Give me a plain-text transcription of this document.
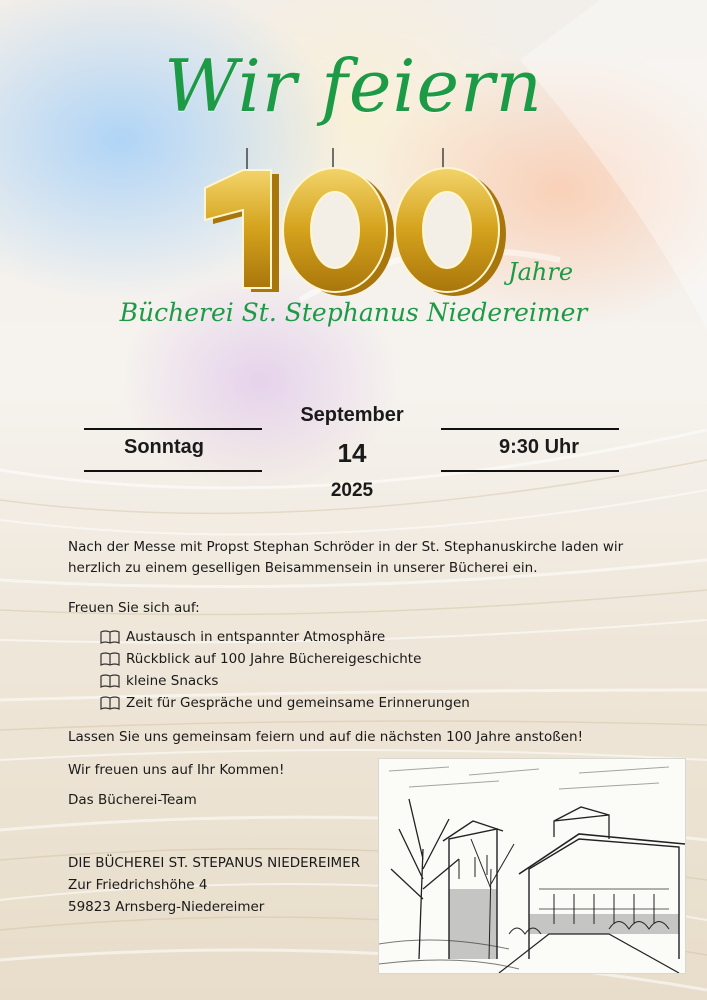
Wir feiern
Jahre
Bücherei St. Stephanus Niedereimer
Sonntag	9:30 Uhr
September
14
2025
Nach der Messe mit Propst Stephan Schröder in der St. Stephanuskirche laden wir herzlich zu einem geselligen Beisammensein in unserer Bücherei ein.
Freuen Sie sich auf:
Austausch in entspannter Atmosphäre
Rückblick auf 100 Jahre Büchereigeschichte
kleine Snacks
Zeit für Gespräche und gemeinsame Erinnerungen
Lassen Sie uns gemeinsam feiern und auf die nächsten 100 Jahre anstoßen!
Wir freuen uns auf Ihr Kommen!
Das Bücherei-Team
DIE BÜCHEREI ST. STEPANUS NIEDEREIMER
Zur Friedrichshöhe 4
59823 Arnsberg-Niedereimer
